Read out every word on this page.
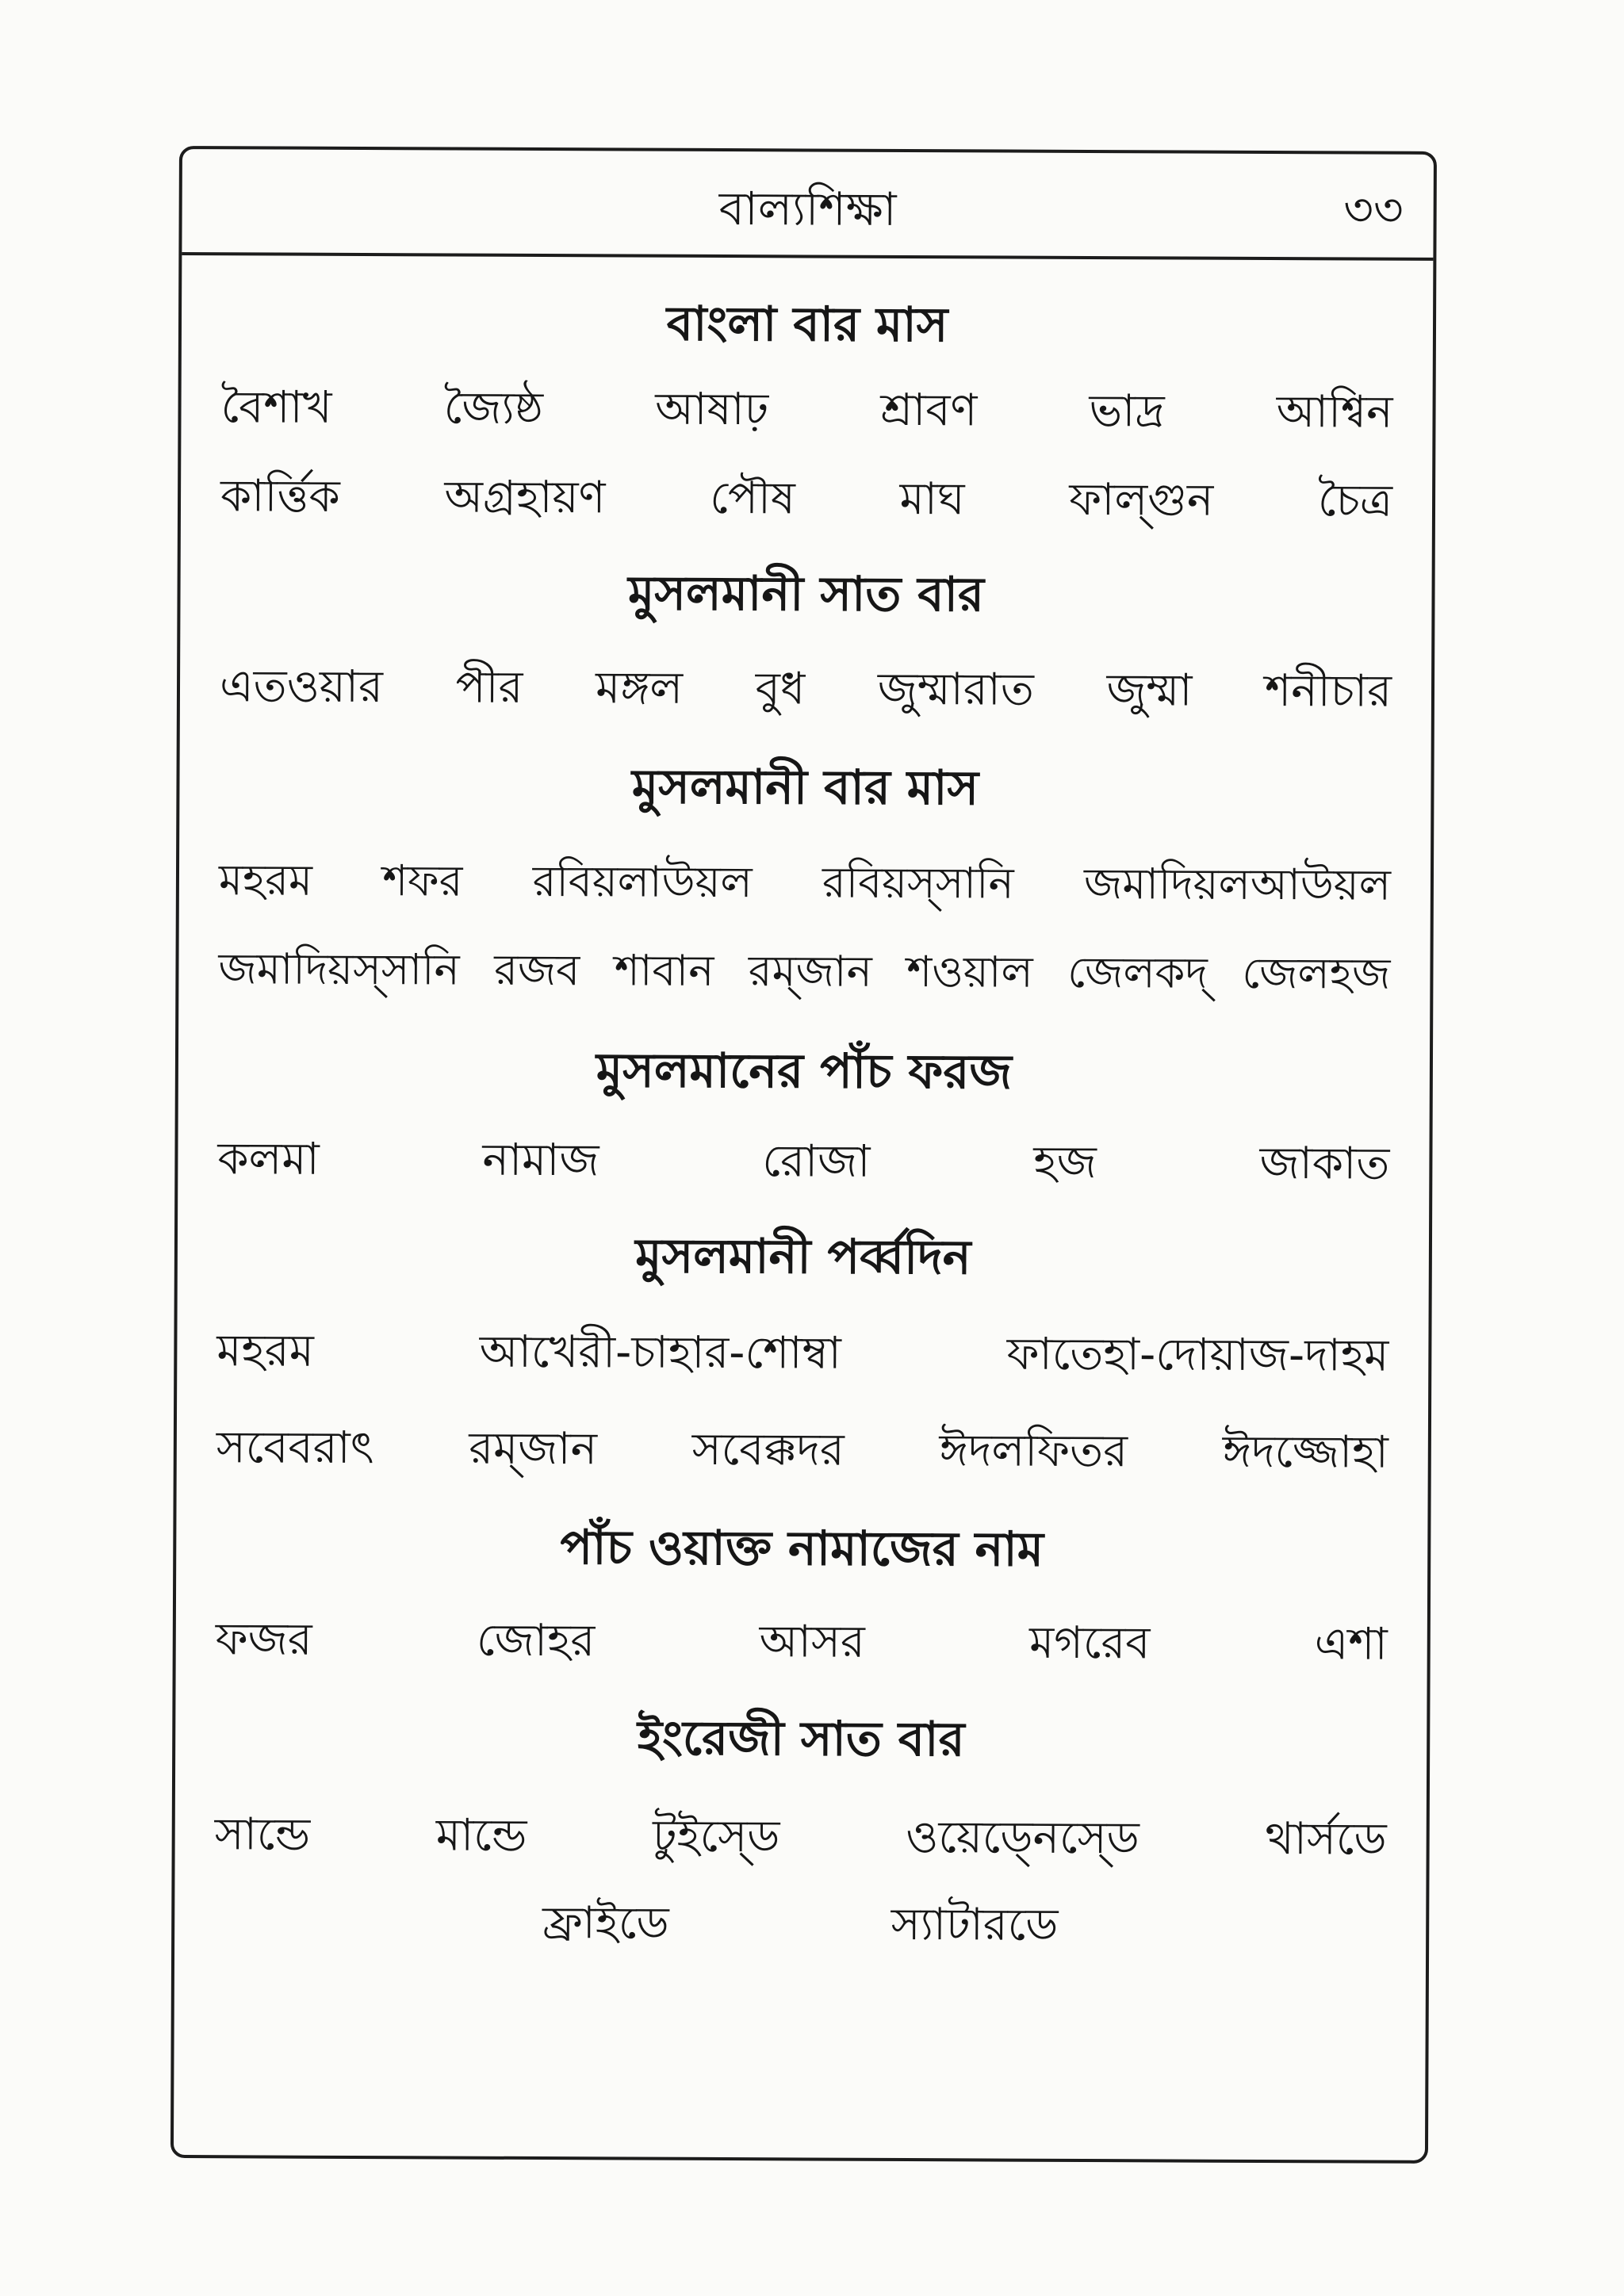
বাল্যশিক্ষা	৩৩
বাংলা বার মাস
বৈশাখ	জ্যৈষ্ঠ	আষাঢ়	শ্রাবণ	ভাদ্র	আশ্বিন
কার্ত্তিক অগ্রহায়ণ পৌষ মাঘ ফাল্গুন চৈত্র
মুসলমানী সাত বার
এতওয়ার পীর মঙ্গল বুধ জুম্মারাত জুম্মা শনীচার
মুসলমানী বার মাস
মহরম শফর রবিয়লাউয়ল রবিয়স্সানি জমাদিয়লআউয়ল
জমাদিয়স্সানি রজব শাবান রম্জান শওয়াল জেলকদ্ জেলহজ
মুসলমানের পাঁচ ফরজ
কলমা	নামাজ	রোজা	হজ	জাকাত
মুসলমানী পর্ব্বদিন
মহরম	আখেরী-চাহার-শোম্বা	ফাতেহা-দোয়াজ-দাহম
সবেবরাৎ রম্জান সবেক্কদর ঈদলফিতর ঈদজ্জোহা
পাঁচ ওয়াক্ত নামাজের নাম
ফজর	জোহর	আসর	মগরেব	এশা
ইংরেজী সাত বার
সান্ডে	মান্ডে	টুইস্ডে	ওয়েড্নেস্ডে	থার্সডে
ফ্রাইডে	স্যাটারডে
